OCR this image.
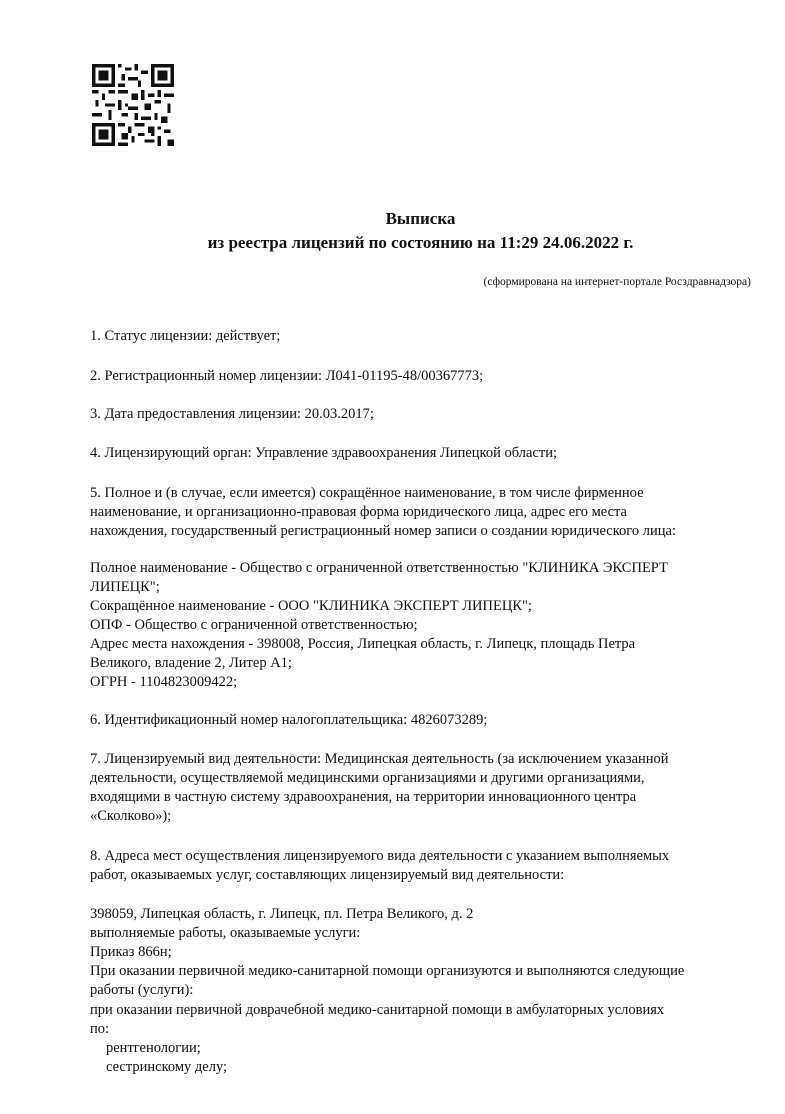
Выписка
из реестра лицензий по состоянию на 11:29 24.06.2022 г.
(сформирована на интернет-портале Росздравнадзора)
1. Статус лицензии: действует;
2. Регистрационный номер лицензии: Л041-01195-48/00367773;
3. Дата предоставления лицензии: 20.03.2017;
4. Лицензирующий орган: Управление здравоохранения Липецкой области;
5. Полное и (в случае, если имеется) сокращённое наименование, в том числе фирменное
наименование, и организационно-правовая форма юридического лица, адрес его места
нахождения, государственный регистрационный номер записи о создании юридического лица:
Полное наименование - Общество с ограниченной ответственностью "КЛИНИКА ЭКСПЕРТ
ЛИПЕЦК";
Сокращённое наименование - ООО "КЛИНИКА ЭКСПЕРТ ЛИПЕЦК";
ОПФ - Общество с ограниченной ответственностью;
Адрес места нахождения - 398008, Россия, Липецкая область, г. Липецк, площадь Петра
Великого, владение 2, Литер А1;
ОГРН - 1104823009422;
6. Идентификационный номер налогоплательщика: 4826073289;
7. Лицензируемый вид деятельности: Медицинская деятельность (за исключением указанной
деятельности, осуществляемой медицинскими организациями и другими организациями,
входящими в частную систему здравоохранения, на территории инновационного центра
«Сколково»);
8. Адреса мест осуществления лицензируемого вида деятельности с указанием выполняемых
работ, оказываемых услуг, составляющих лицензируемый вид деятельности:
398059, Липецкая область, г. Липецк, пл. Петра Великого, д. 2
выполняемые работы, оказываемые услуги:
Приказ 866н;
При оказании первичной медико-санитарной помощи организуются и выполняются следующие
работы (услуги):
при оказании первичной доврачебной медико-санитарной помощи в амбулаторных условиях
по:
рентгенологии;
сестринскому делу;
